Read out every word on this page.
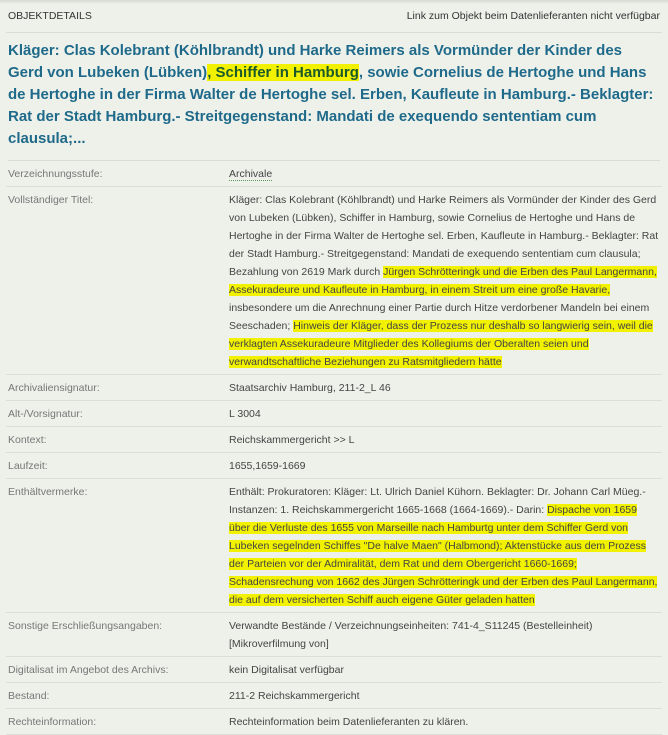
OBJEKTDETAILS	Link zum Objekt beim Datenlieferanten nicht verfügbar
Kläger: Clas Kolebrant (Köhlbrandt) und Harke Reimers als Vormünder der Kinder des Gerd von Lubeken (Lübken), Schiffer in Hamburg, sowie Cornelius de Hertoghe und Hans de Hertoghe in der Firma Walter de Hertoghe sel. Erben, Kaufleute in Hamburg.- Beklagter: Rat der Stadt Hamburg.- Streitgegenstand: Mandati de exequendo sententiam cum clausula;...
Verzeichnungsstufe:	Archivale
Vollständiger Titel:	Kläger: Clas Kolebrant (Köhlbrandt) und Harke Reimers als Vormünder der Kinder des Gerd von Lubeken (Lübken), Schiffer in Hamburg, sowie Cornelius de Hertoghe und Hans de Hertoghe in der Firma Walter de Hertoghe sel. Erben, Kaufleute in Hamburg.- Beklagter: Rat der Stadt Hamburg.- Streitgegenstand: Mandati de exequendo sententiam cum clausula; Bezahlung von 2619 Mark durch Jürgen Schrötteringk und die Erben des Paul Langermann, Assekuradeure und Kaufleute in Hamburg, in einem Streit um eine große Havarie, insbesondere um die Anrechnung einer Partie durch Hitze verdorbener Mandeln bei einem Seeschaden; Hinweis der Kläger, dass der Prozess nur deshalb so langwierig sein, weil die verklagten Assekuradeure Mitglieder des Kollegiums der Oberalten seien und verwandtschaftliche Beziehungen zu Ratsmitgliedern hätte
Archivaliensignatur:	Staatsarchiv Hamburg, 211-2_L 46
Alt-/Vorsignatur:	L 3004
Kontext:	Reichskammergericht >> L
Laufzeit:	1655,1659-1669
Enthältvermerke:	Enthält: Prokuratoren: Kläger: Lt. Ulrich Daniel Kühorn. Beklagter: Dr. Johann Carl Müeg.- Instanzen: 1. Reichskammergericht 1665-1668 (1664-1669).- Darin: Dispache von 1659 über die Verluste des 1655 von Marseille nach Hamburtg unter dem Schiffer Gerd von Lubeken segelnden Schiffes "De halve Maen" (Halbmond); Aktenstücke aus dem Prozess der Parteien vor der Admiralität, dem Rat und dem Obergericht 1660-1669; Schadensrechung von 1662 des Jürgen Schrötteringk und der Erben des Paul Langermann, die auf dem versicherten Schiff auch eigene Güter geladen hatten
Sonstige Erschließungsangaben:	Verwandte Bestände / Verzeichnungseinheiten: 741-4_S11245 (Bestelleinheit) [Mikroverfilmung von]
Digitalisat im Angebot des Archivs:	kein Digitalisat verfügbar
Bestand:	211-2 Reichskammergericht
Rechteinformation:	Rechteinformation beim Datenlieferanten zu klären.
